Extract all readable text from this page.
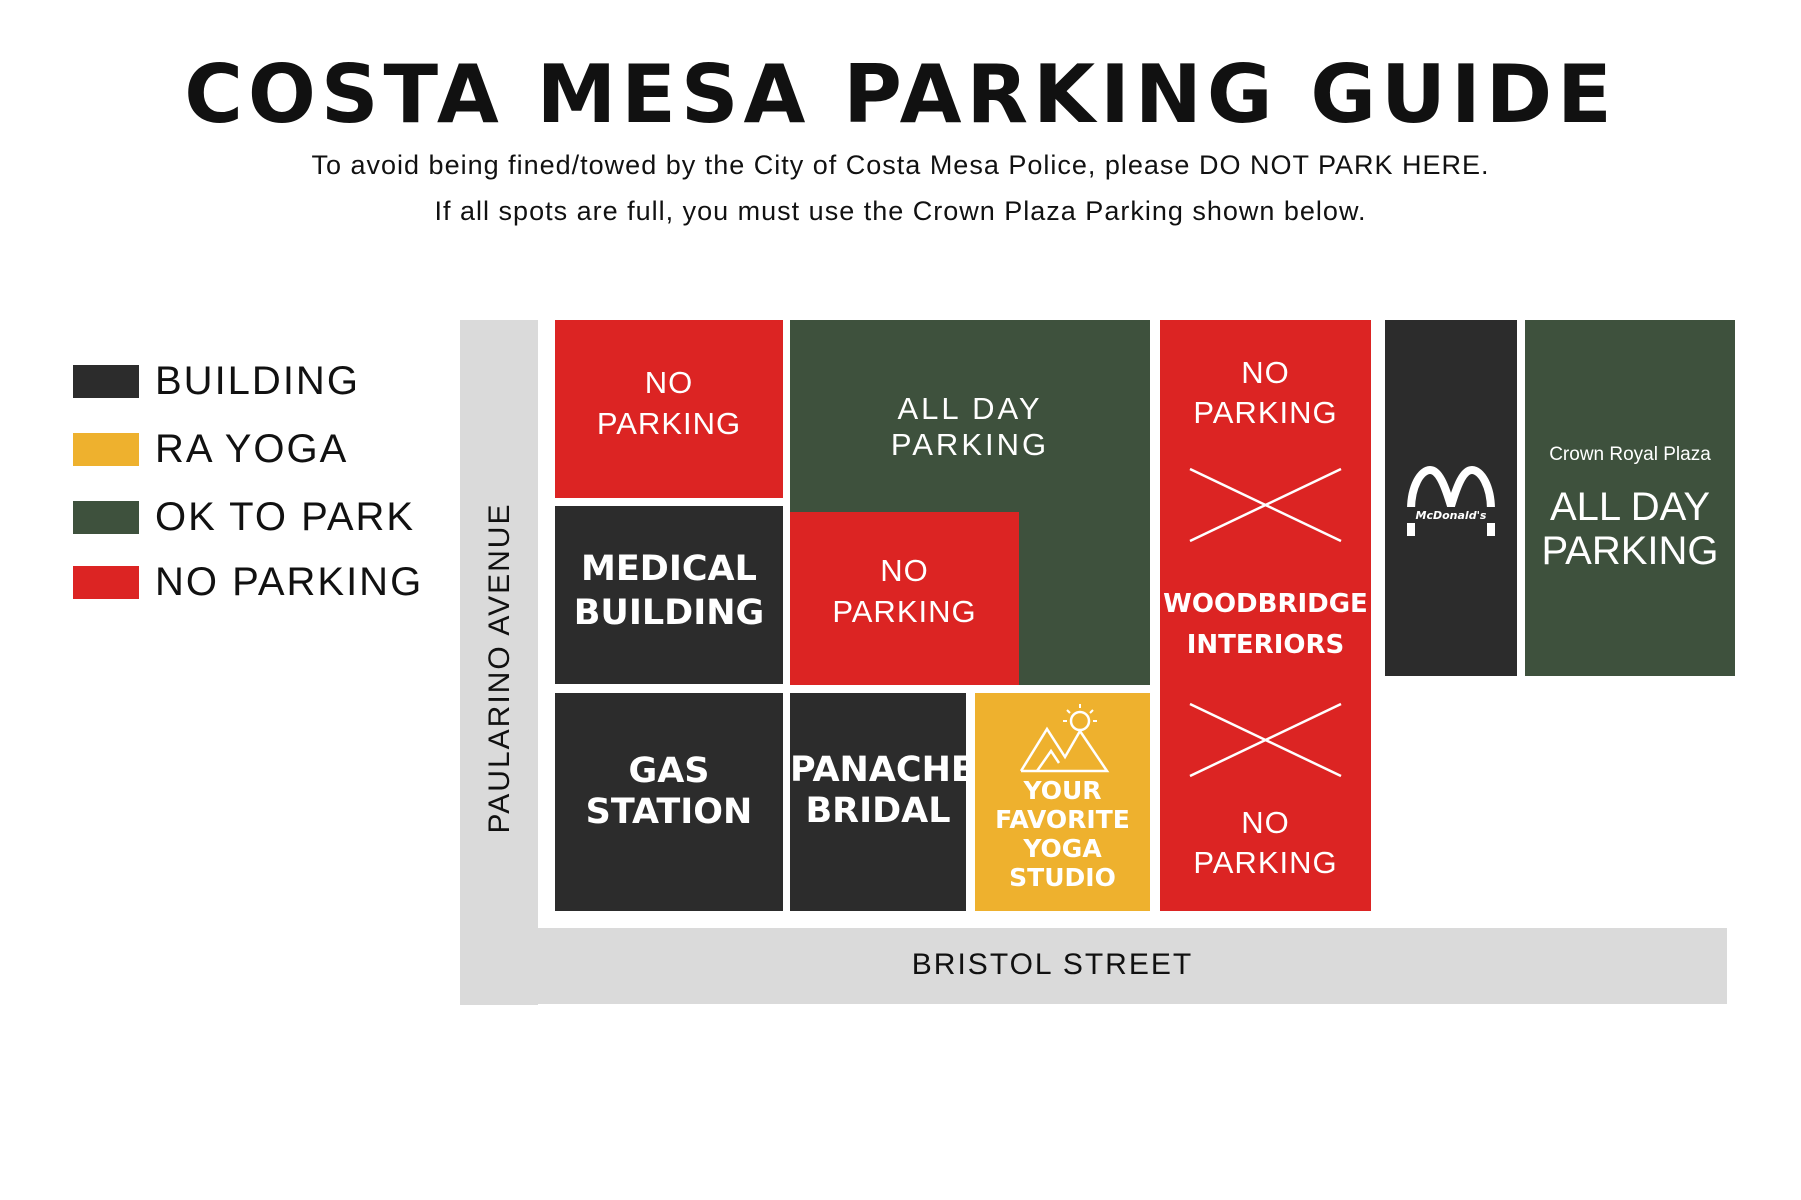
COSTA MESA PARKING GUIDE
To avoid being fined/towed by the City of Costa Mesa Police, please DO NOT PARK HERE.
If all spots are full, you must use the Crown Plaza Parking shown below.
BUILDING
RA YOGA
OK TO PARK
NO PARKING PAULARINO AVENUE
BRISTOL STREET
NO
PARKING	ALL DAY
PARKING
NO
PARKING
MEDICAL
BUILDING
GAS
STATION
PANACHE
BRIDAL
YOUR
FAVORITE
YOGA
STUDIO
NO
PARKING
WOODBRIDGE
INTERIORS
NO
PARKING
McDonald's
Crown Royal Plaza
ALL DAY
PARKING
